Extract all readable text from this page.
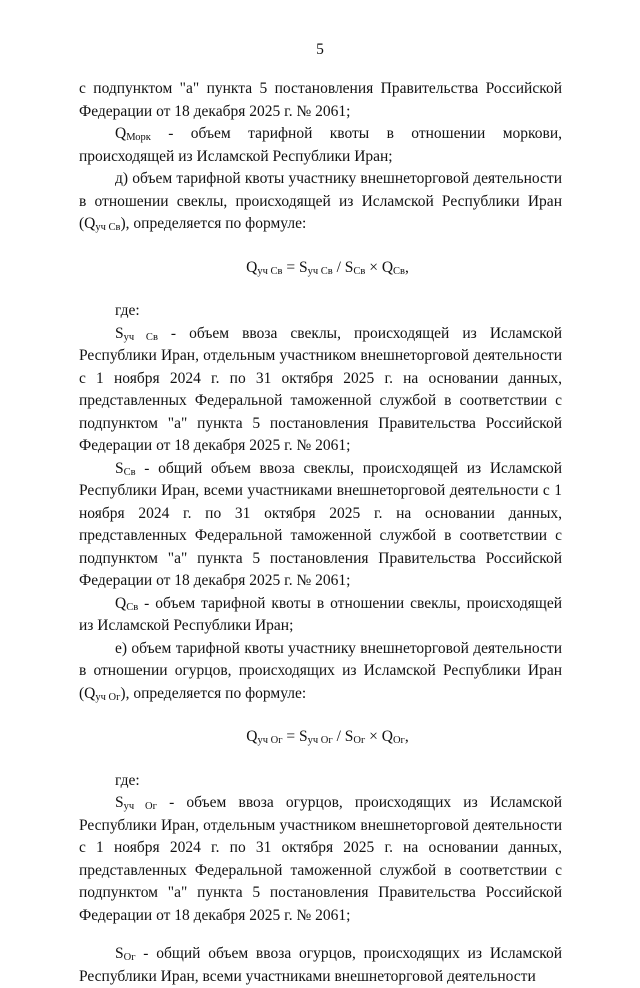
5

с подпунктом "а" пункта 5 постановления Правительства Российской Федерации от 18 декабря 2025 г. № 2061;

QМорк - объем тарифной квоты в отношении моркови, происходящей из Исламской Республики Иран;

д) объем тарифной квоты участнику внешнеторговой деятельности в отношении свеклы, происходящей из Исламской Республики Иран (Qуч Св), определяется по формуле:

Qуч Св = Sуч Св / SСв × QСв,

где:

Sуч Св - объем ввоза свеклы, происходящей из Исламской Республики Иран, отдельным участником внешнеторговой деятельности с 1 ноября 2024 г. по 31 октября 2025 г. на основании данных, представленных Федеральной таможенной службой в соответствии с подпунктом "а" пункта 5 постановления Правительства Российской Федерации от 18 декабря 2025 г. № 2061;

SСв - общий объем ввоза свеклы, происходящей из Исламской Республики Иран, всеми участниками внешнеторговой деятельности с 1 ноября 2024 г. по 31 октября 2025 г. на основании данных, представленных Федеральной таможенной службой в соответствии с подпунктом "а" пункта 5 постановления Правительства Российской Федерации от 18 декабря 2025 г. № 2061;

QСв - объем тарифной квоты в отношении свеклы, происходящей из Исламской Республики Иран;

е) объем тарифной квоты участнику внешнеторговой деятельности в отношении огурцов, происходящих из Исламской Республики Иран (Qуч Ог), определяется по формуле:

Qуч Ог = Sуч Ог / SОг × QОг,

где:

Sуч Ог - объем ввоза огурцов, происходящих из Исламской Республики Иран, отдельным участником внешнеторговой деятельности с 1 ноября 2024 г. по 31 октября 2025 г. на основании данных, представленных Федеральной таможенной службой в соответствии с подпунктом "а" пункта 5 постановления Правительства Российской Федерации от 18 декабря 2025 г. № 2061;

SОг - общий объем ввоза огурцов, происходящих из Исламской Республики Иран, всеми участниками внешнеторговой деятельности
